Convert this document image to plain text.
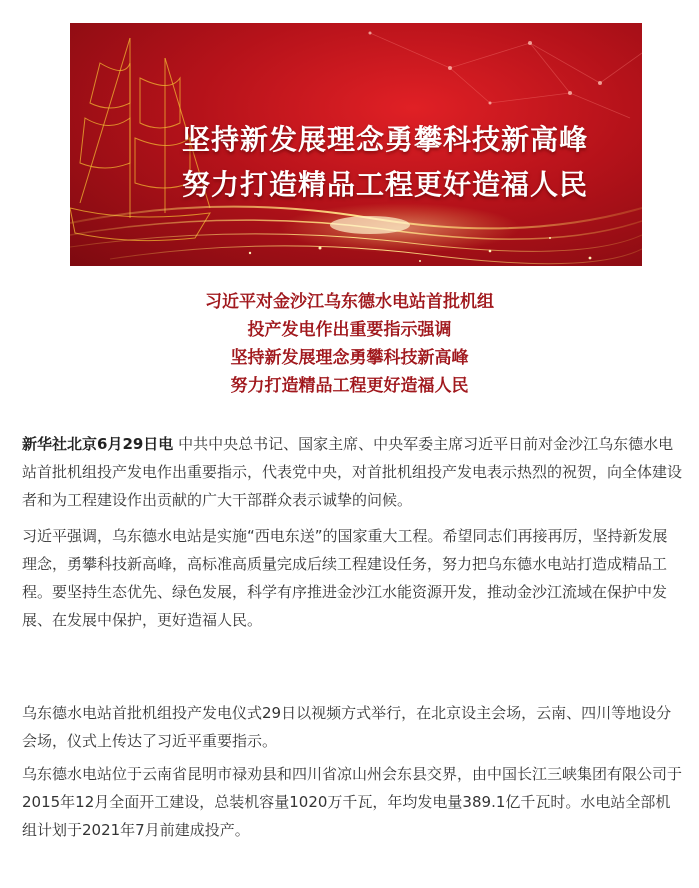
坚持新发展理念勇攀科技新高峰
努力打造精品工程更好造福人民
习近平对金沙江乌东德水电站首批机组
投产发电作出重要指示强调
坚持新发展理念勇攀科技新高峰
努力打造精品工程更好造福人民

新华社北京6月29日电 中共中央总书记、国家主席、中央军委主席习近平日前对金沙江乌东德水电站首批机组投产发电作出重要指示，代表党中央，对首批机组投产发电表示热烈的祝贺，向全体建设者和为工程建设作出贡献的广大干部群众表示诚挚的问候。

习近平强调，乌东德水电站是实施“西电东送”的国家重大工程。希望同志们再接再厉，坚持新发展理念，勇攀科技新高峰，高标准高质量完成后续工程建设任务，努力把乌东德水电站打造成精品工程。要坚持生态优先、绿色发展，科学有序推进金沙江水能资源开发，推动金沙江流域在保护中发展、在发展中保护，更好造福人民。

乌东德水电站首批机组投产发电仪式29日以视频方式举行，在北京设主会场，云南、四川等地设分会场，仪式上传达了习近平重要指示。

乌东德水电站位于云南省昆明市禄劝县和四川省凉山州会东县交界，由中国长江三峡集团有限公司于2015年12月全面开工建设，总装机容量1020万千瓦，年均发电量389.1亿千瓦时。水电站全部机组计划于2021年7月前建成投产。
